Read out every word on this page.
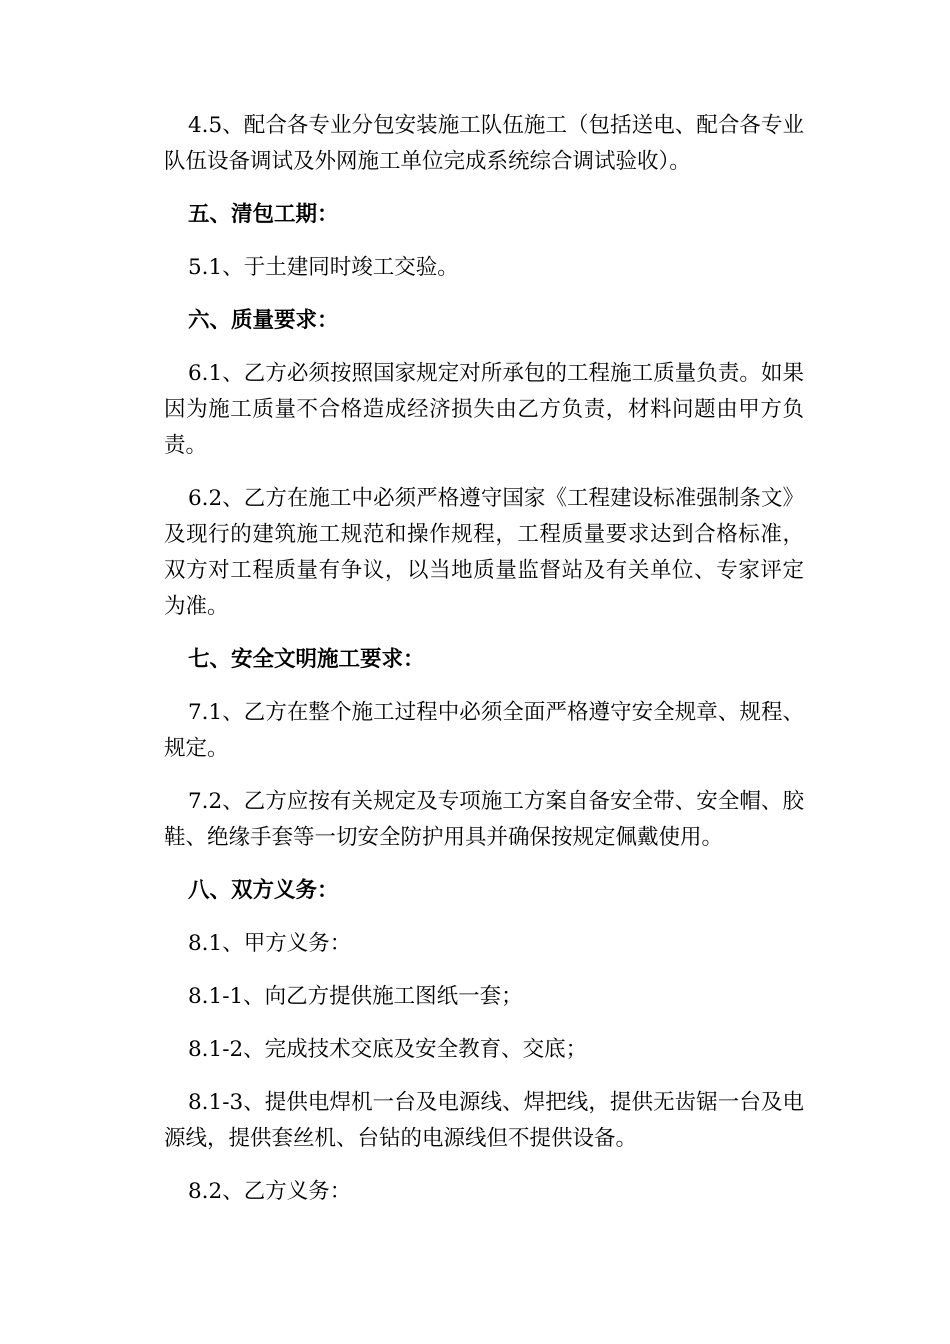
4.5、配合各专业分包安装施工队伍施工（包括送电、配合各专业队伍设备调试及外网施工单位完成系统综合调试验收）。

五、清包工期：

5.1、于土建同时竣工交验。

六、质量要求：

6.1、乙方必须按照国家规定对所承包的工程施工质量负责。如果因为施工质量不合格造成经济损失由乙方负责，材料问题由甲方负责。

6.2、乙方在施工中必须严格遵守国家《工程建设标准强制条文》及现行的建筑施工规范和操作规程，工程质量要求达到合格标准，双方对工程质量有争议，以当地质量监督站及有关单位、专家评定为准。

七、安全文明施工要求：

7.1、乙方在整个施工过程中必须全面严格遵守安全规章、规程、规定。

7.2、乙方应按有关规定及专项施工方案自备安全带、安全帽、胶鞋、绝缘手套等一切安全防护用具并确保按规定佩戴使用。

八、双方义务：

8.1、甲方义务：

8.1-1、向乙方提供施工图纸一套；

8.1-2、完成技术交底及安全教育、交底；

8.1-3、提供电焊机一台及电源线、焊把线，提供无齿锯一台及电源线，提供套丝机、台钻的电源线但不提供设备。

8.2、乙方义务：
